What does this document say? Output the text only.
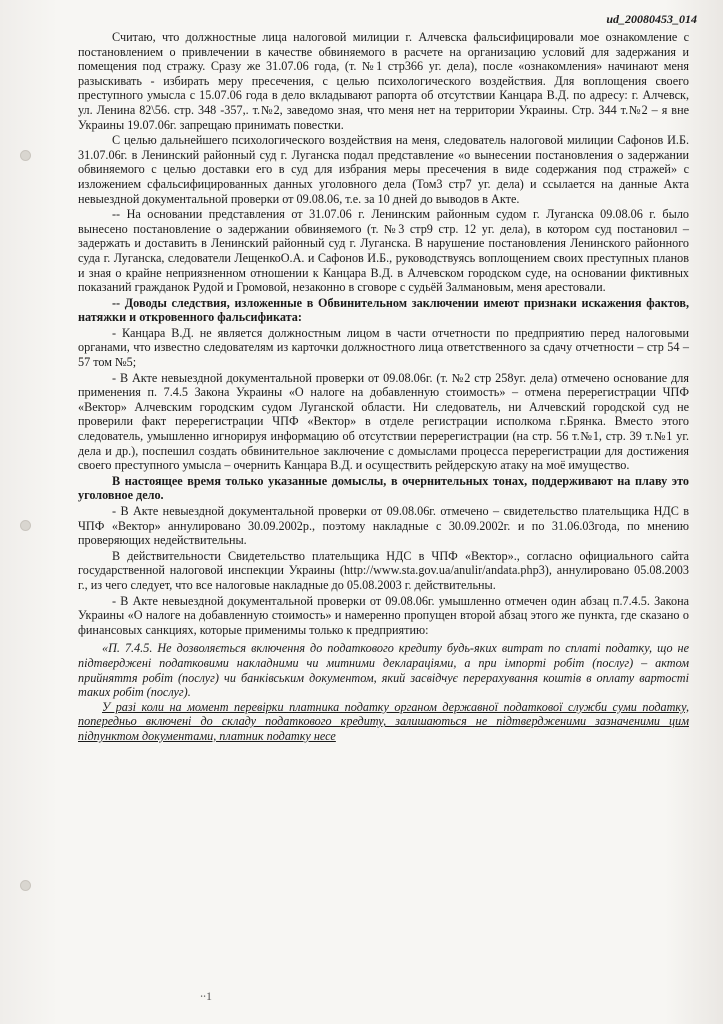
ud_20080453_014

Считаю, что должностные лица налоговой милиции г. Алчевска фальсифицировали мое ознакомление с постановлением о привлечении в качестве обвиняемого в расчете на организацию условий для задержания и помещения под стражу. Сразу же 31.07.06 года, (т. №1 стр366 уг. дела), после «ознакомления» начинают меня разыскивать - избирать меру пресечения, с целью психологического воздействия. Для воплощения своего преступного умысла с 15.07.06 года в дело вкладывают рапорта об отсутствии Канцара В.Д. по адресу: г. Алчевск, ул. Ленина 82\56. стр. 348 -357,. т.№2, заведомо зная, что меня нет на территории Украины. Стр. 344 т.№2 – я вне Украины 19.07.06г. запрещаю принимать повестки.

С целью дальнейшего психологического воздействия на меня, следователь налоговой милиции Сафонов И.Б. 31.07.06г. в Ленинский районный суд г. Луганска подал представление «о вынесении постановления о задержании обвиняемого с целью доставки его в суд для избрания меры пресечения в виде содержания под стражей» с изложением сфальсифицированных данных уголовного дела (Том3 стр7 уг. дела) и ссылается на данные Акта невыездной документальной проверки от 09.08.06, т.е. за 10 дней до выводов в Акте.

-- На основании представления от 31.07.06 г. Ленинским районным судом г. Луганска 09.08.06 г. было вынесено постановление о задержании обвиняемого (т. №3 стр9 стр. 12 уг. дела), в котором суд постановил – задержать и доставить в Ленинский районный суд г. Луганска. В нарушение постановления Ленинского районного суда г. Луганска, следователи ЛещенкоО.А. и Сафонов И.Б., руководствуясь воплощением своих преступных планов и зная о крайне неприязненном отношении к Канцара В.Д. в Алчевском городском суде, на основании фиктивных показаний гражданок Рудой и Громовой, незаконно в сговоре с судьёй Залмановым, меня арестовали.

-- Доводы следствия, изложенные в Обвинительном заключении имеют признаки искажения фактов, натяжки и откровенного фальсификата:

- Канцара В.Д. не является должностным лицом в части отчетности по предприятию перед налоговыми органами, что известно следователям из карточки должностного лица ответственного за сдачу отчетности – стр 54 – 57 том №5;

- В Акте невыездной документальной проверки от 09.08.06г. (т. №2 стр 258уг. дела) отмечено основание для применения п. 7.4.5 Закона Украины «О налоге на добавленную стоимость» – отмена перерегистрации ЧПФ «Вектор» Алчевским городским судом Луганской области. Ни следователь, ни Алчевский городской суд не проверили факт перерегистрации ЧПФ «Вектор» в отделе регистрации исполкома г.Брянка. Вместо этого следователь, умышленно игнорируя информацию об отсутствии перерегистрации (на стр. 56 т.№1, стр. 39 т.№1 уг. дела и др.), поспешил создать обвинительное заключение с домыслами процесса перерегистрации для достижения своего преступного умысла – очернить Канцара В.Д. и осуществить рейдерскую атаку на моё имущество.

В настоящее время только указанные домыслы, в очернительных тонах, поддерживают на плаву это уголовное дело.

- В Акте невыездной документальной проверки от 09.08.06г. отмечено – свидетельство плательщика НДС в ЧПФ «Вектор» аннулировано 30.09.2002р., поэтому накладные с 30.09.2002г. и по 31.06.03года, по мнению проверяющих недействительны.

В действительности Свидетельство плательщика НДС в ЧПФ «Вектор»., согласно официального сайта государственной налоговой инспекции Украины (http://www.sta.gov.ua/anulir/andata.php3), аннулировано 05.08.2003 г., из чего следует, что все налоговые накладные до 05.08.2003 г. действительны.

- В Акте невыездной документальной проверки от 09.08.06г. умышленно отмечен один абзац п.7.4.5. Закона Украины «О налоге на добавленную стоимость» и намеренно пропущен второй абзац этого же пункта, где сказано о финансовых санкциях, которые применимы только к предприятию:

«П. 7.4.5. Не дозволяється включення до податкового кредиту будь-яких витрат по сплаті податку, що не підтверджені податковими накладними чи митними деклараціями, а при імпорті робіт (послуг) – актом прийняття робіт (послуг) чи банківським документом, який засвідчує перерахування коштів в оплату вартості таких робіт (послуг).

У разі коли на момент перевірки платника податку органом державної податкової служби суми податку, попередньо включені до складу податкового кредиту, залишаються не підтвердженими зазначеними цим підпунктом документами, платник податку несе

∙∙1
